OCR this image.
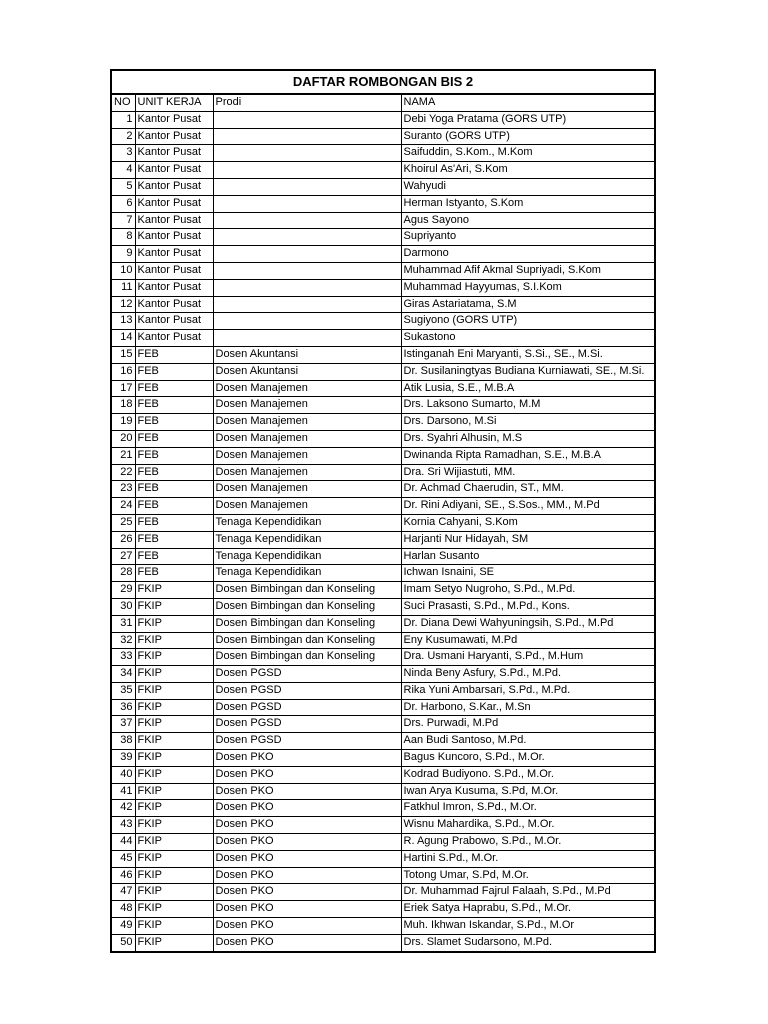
DAFTAR ROMBONGAN BIS 2			
NO	UNIT KERJA	Prodi	NAMA
1	Kantor Pusat		Debi Yoga Pratama (GORS UTP)
2	Kantor Pusat		Suranto (GORS UTP)
3	Kantor Pusat		Saifuddin, S.Kom., M.Kom
4	Kantor Pusat		Khoirul As'Ari, S.Kom
5	Kantor Pusat		Wahyudi
6	Kantor Pusat		Herman Istyanto, S.Kom
7	Kantor Pusat		Agus Sayono
8	Kantor Pusat		Supriyanto
9	Kantor Pusat		Darmono
10	Kantor Pusat		Muhammad Afif Akmal Supriyadi, S.Kom
11	Kantor Pusat		Muhammad Hayyumas, S.I.Kom
12	Kantor Pusat		Giras Astariatama, S.M
13	Kantor Pusat		Sugiyono (GORS UTP)
14	Kantor Pusat		Sukastono
15	FEB	Dosen Akuntansi	Istinganah Eni Maryanti, S.Si., SE., M.Si.
16	FEB	Dosen Akuntansi	Dr. Susilaningtyas Budiana Kurniawati, SE., M.Si.
17	FEB	Dosen Manajemen	Atik Lusia, S.E., M.B.A
18	FEB	Dosen Manajemen	Drs. Laksono Sumarto, M.M
19	FEB	Dosen Manajemen	Drs. Darsono, M.Si
20	FEB	Dosen Manajemen	Drs. Syahri Alhusin, M.S
21	FEB	Dosen Manajemen	Dwinanda Ripta Ramadhan, S.E., M.B.A
22	FEB	Dosen Manajemen	Dra. Sri Wijiastuti, MM.
23	FEB	Dosen Manajemen	Dr. Achmad Chaerudin, ST., MM.
24	FEB	Dosen Manajemen	Dr. Rini Adiyani, SE., S.Sos., MM., M.Pd
25	FEB	Tenaga Kependidikan	Kornia Cahyani, S.Kom
26	FEB	Tenaga Kependidikan	Harjanti Nur Hidayah, SM
27	FEB	Tenaga Kependidikan	Harlan Susanto
28	FEB	Tenaga Kependidikan	Ichwan Isnaini, SE
29	FKIP	Dosen Bimbingan dan Konseling	Imam Setyo Nugroho, S.Pd., M.Pd.
30	FKIP	Dosen Bimbingan dan Konseling	Suci Prasasti, S.Pd., M.Pd., Kons.
31	FKIP	Dosen Bimbingan dan Konseling	Dr. Diana Dewi Wahyuningsih, S.Pd., M.Pd
32	FKIP	Dosen Bimbingan dan Konseling	Eny Kusumawati, M.Pd
33	FKIP	Dosen Bimbingan dan Konseling	Dra. Usmani Haryanti, S.Pd., M.Hum
34	FKIP	Dosen PGSD	Ninda Beny Asfury, S.Pd., M.Pd.
35	FKIP	Dosen PGSD	Rika Yuni Ambarsari, S.Pd., M.Pd.
36	FKIP	Dosen PGSD	Dr. Harbono, S.Kar., M.Sn
37	FKIP	Dosen PGSD	Drs. Purwadi, M.Pd
38	FKIP	Dosen PGSD	Aan Budi Santoso, M.Pd.
39	FKIP	Dosen PKO	Bagus Kuncoro, S.Pd., M.Or.
40	FKIP	Dosen PKO	Kodrad Budiyono. S.Pd., M.Or.
41	FKIP	Dosen PKO	Iwan Arya Kusuma, S.Pd, M.Or.
42	FKIP	Dosen PKO	Fatkhul Imron, S.Pd., M.Or.
43	FKIP	Dosen PKO	Wisnu Mahardika, S.Pd., M.Or.
44	FKIP	Dosen PKO	R. Agung Prabowo, S.Pd., M.Or.
45	FKIP	Dosen PKO	Hartini S.Pd., M.Or.
46	FKIP	Dosen PKO	Totong Umar, S.Pd, M.Or.
47	FKIP	Dosen PKO	Dr. Muhammad Fajrul Falaah, S.Pd., M.Pd
48	FKIP	Dosen PKO	Eriek Satya Haprabu, S.Pd., M.Or.
49	FKIP	Dosen PKO	Muh. Ikhwan Iskandar, S.Pd., M.Or
50	FKIP	Dosen PKO	Drs. Slamet Sudarsono, M.Pd.
